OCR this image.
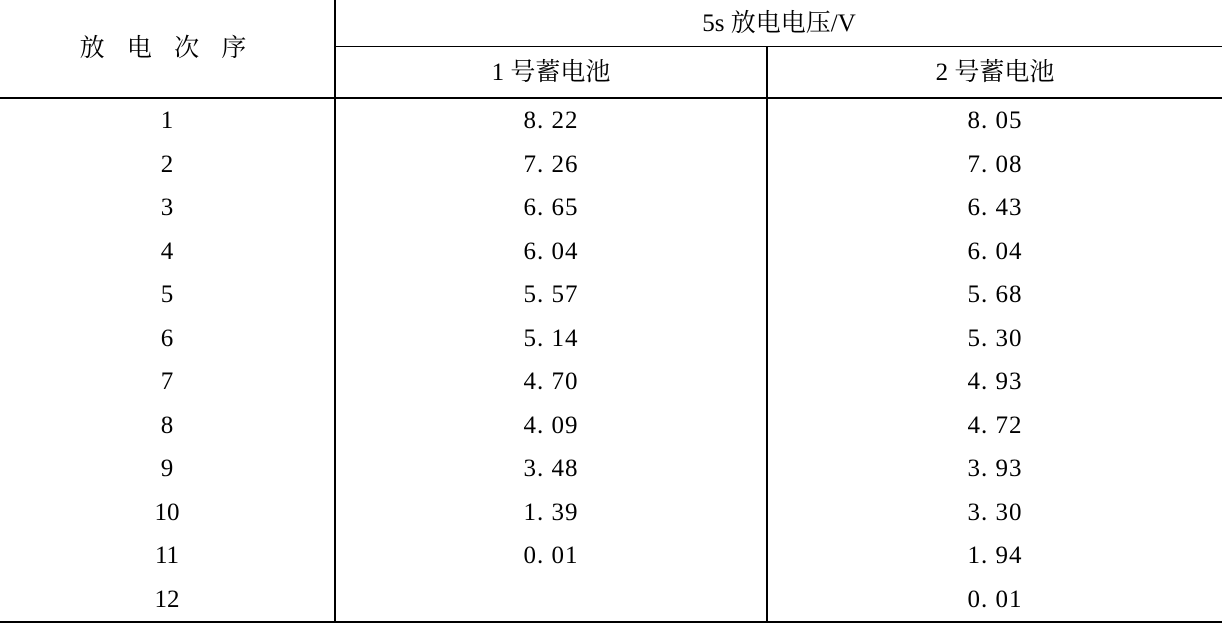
放 电 次 序	5s 放电电压/V	
	1 号蓄电池	2 号蓄电池
1	8. 22	8. 05
2	7. 26	7. 08
3	6. 65	6. 43
4	6. 04	6. 04
5	5. 57	5. 68
6	5. 14	5. 30
7	4. 70	4. 93
8	4. 09	4. 72
9	3. 48	3. 93
10	1. 39	3. 30
11	0. 01	1. 94
12		0. 01
